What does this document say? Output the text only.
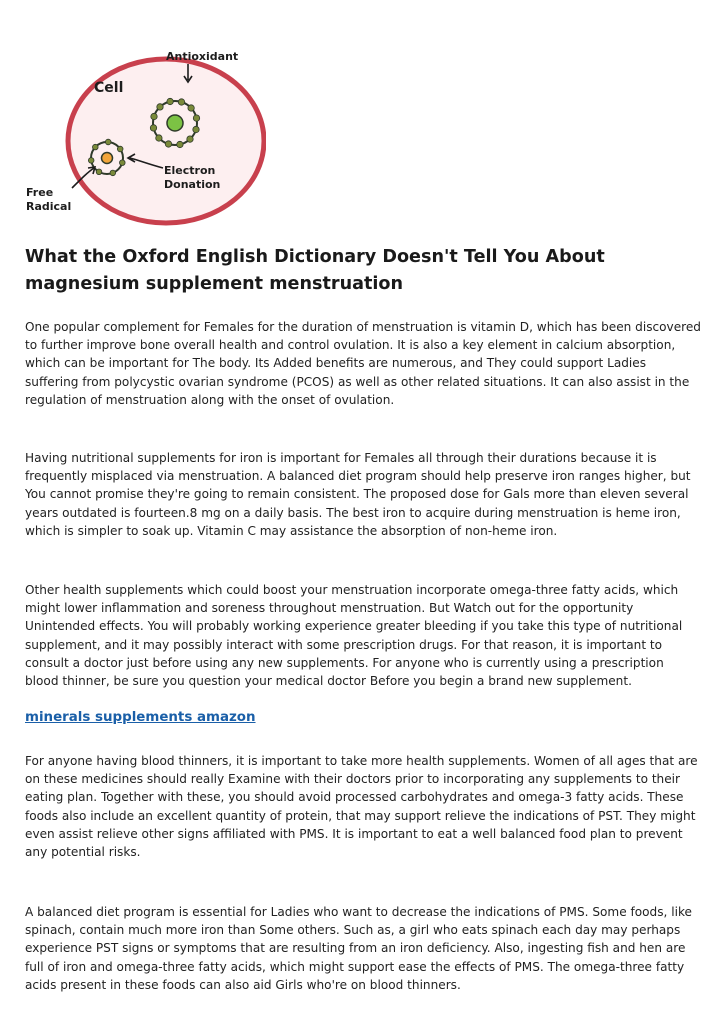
Antioxidant
Cell
Electron
Donation
Free
Radical
What the Oxford English Dictionary Doesn't Tell You About magnesium supplement menstruation

One popular complement for Females for the duration of menstruation is vitamin D, which has been discovered to further improve bone overall health and control ovulation. It is also a key element in calcium absorption, which can be important for The body. Its Added benefits are numerous, and They could support Ladies suffering from polycystic ovarian syndrome (PCOS) as well as other related situations. It can also assist in the regulation of menstruation along with the onset of ovulation.

Having nutritional supplements for iron is important for Females all through their durations because it is frequently misplaced via menstruation. A balanced diet program should help preserve iron ranges higher, but You cannot promise they're going to remain consistent. The proposed dose for Gals more than eleven several years outdated is fourteen.8 mg on a daily basis. The best iron to acquire during menstruation is heme iron, which is simpler to soak up. Vitamin C may assistance the absorption of non-heme iron.

Other health supplements which could boost your menstruation incorporate omega-three fatty acids, which might lower inflammation and soreness throughout menstruation. But Watch out for the opportunity Unintended effects. You will probably working experience greater bleeding if you take this type of nutritional supplement, and it may possibly interact with some prescription drugs. For that reason, it is important to consult a doctor just before using any new supplements. For anyone who is currently using a prescription blood thinner, be sure you question your medical doctor Before you begin a brand new supplement.

minerals supplements amazon

For anyone having blood thinners, it is important to take more health supplements. Women of all ages that are on these medicines should really Examine with their doctors prior to incorporating any supplements to their eating plan. Together with these, you should avoid processed carbohydrates and omega-3 fatty acids. These foods also include an excellent quantity of protein, that may support relieve the indications of PST. They might even assist relieve other signs affiliated with PMS. It is important to eat a well balanced food plan to prevent any potential risks.

A balanced diet program is essential for Ladies who want to decrease the indications of PMS. Some foods, like spinach, contain much more iron than Some others. Such as, a girl who eats spinach each day may perhaps experience PST signs or symptoms that are resulting from an iron deficiency. Also, ingesting fish and hen are full of iron and omega-three fatty acids, which might support ease the effects of PMS. The omega-three fatty acids present in these foods can also aid Girls who're on blood thinners.
